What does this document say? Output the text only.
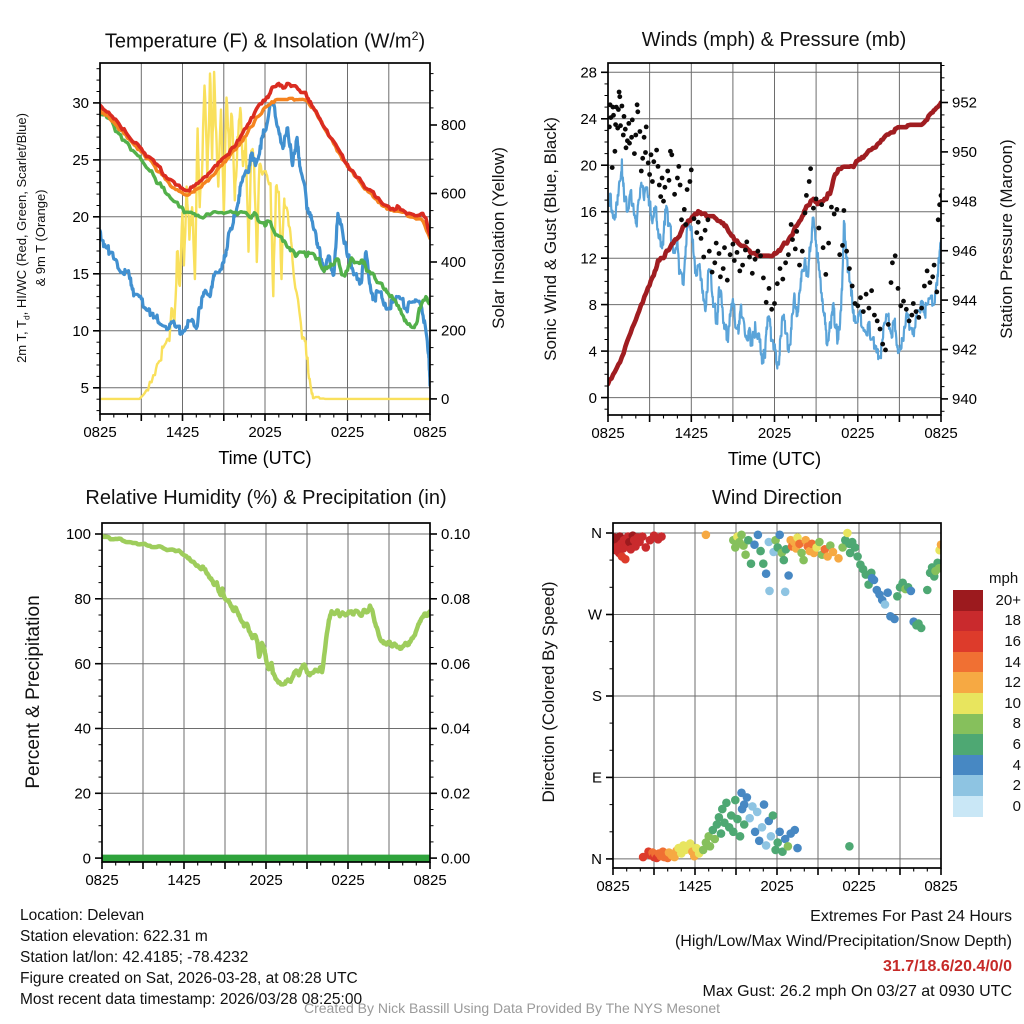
0825	1425	2025	0225	0825
Time (UTC)
5
10
15
20
25
30
0
200
400
600
800
0825	1425	2025	0225	0825
Time (UTC)
0
4
8
12
16
20
24
28
940
942
944
946
948
950
952
0825	1425	2025	0225	0825
0
20
40
60
80
100
0.00
0.02
0.04
0.06
0.08
0.10
0825	1425	2025	0225	0825
N
E
S
W
N
Temperature (F) & Insolation $(W/m^2)$	Winds (mph) & Pressure (mb)
Relative Humidity (%) & Precipitation (in)	Wind Direction
2m T, $T_d$, HI/WC (Red, Green, Scarlet/Blue) & 9m T (Orange)	Solar Insolation (Yellow) Sonic Wind & Gust (Blue, Black)	Station Pressure (Maroon)
Percent & Precipitation	Direction (Colored By Speed)
mph
20+
18
16
14
12
10
8
6
4
2
0
Location: Delevan
Station elevation: 622.31 m
Station lat/lon: 42.4185; -78.4232
Figure created on Sat, 2026-03-28, at 08:28 UTC
Most recent data timestamp: 2026/03/28 08:25:00
Extremes For Past 24 Hours
(High/Low/Max Wind/Precipitation/Snow Depth)
31.7/18.6/20.4/0/0
Max Gust: 26.2 mph On 03/27 at 0930 UTC
Created By Nick Bassill Using Data Provided By The NYS Mesonet
